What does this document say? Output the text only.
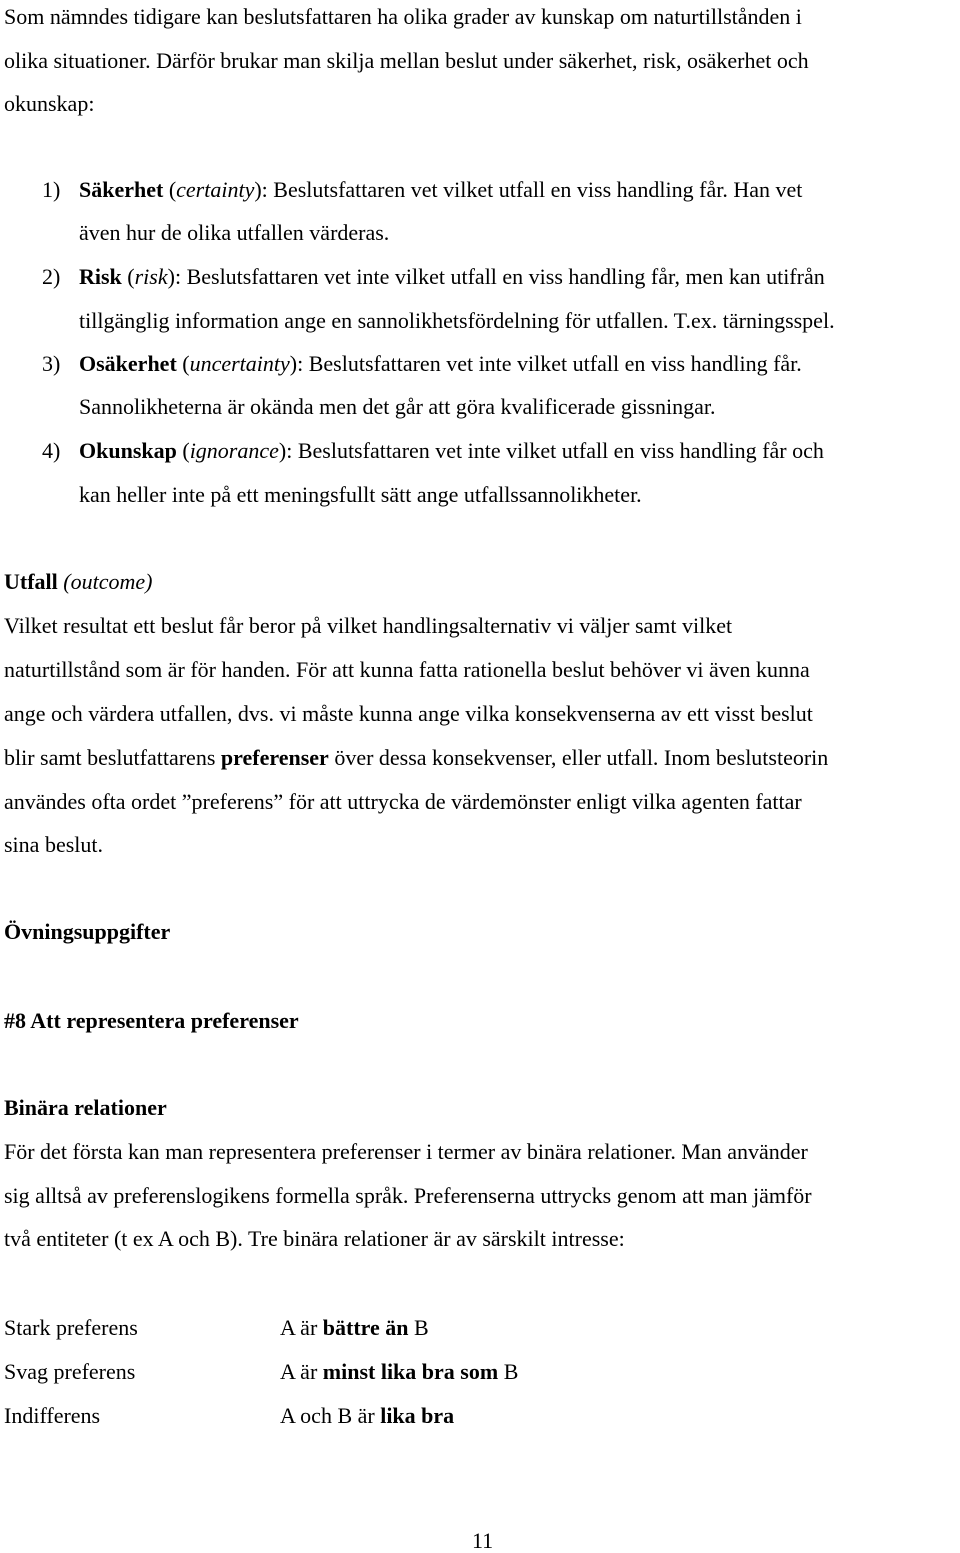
Som nämndes tidigare kan beslutsfattaren ha olika grader av kunskap om naturtillstånden i
olika situationer. Därför brukar man skilja mellan beslut under säkerhet, risk, osäkerhet och
okunskap:
1) Säkerhet (certainty): Beslutsfattaren vet vilket utfall en viss handling får. Han vet
även hur de olika utfallen värderas.
2) Risk (risk): Beslutsfattaren vet inte vilket utfall en viss handling får, men kan utifrån
tillgänglig information ange en sannolikhetsfördelning för utfallen. T.ex. tärningsspel.
3) Osäkerhet (uncertainty): Beslutsfattaren vet inte vilket utfall en viss handling får.
Sannolikheterna är okända men det går att göra kvalificerade gissningar.
4) Okunskap (ignorance): Beslutsfattaren vet inte vilket utfall en viss handling får och
kan heller inte på ett meningsfullt sätt ange utfallssannolikheter.
Utfall (outcome)
Vilket resultat ett beslut får beror på vilket handlingsalternativ vi väljer samt vilket
naturtillstånd som är för handen. För att kunna fatta rationella beslut behöver vi även kunna
ange och värdera utfallen, dvs. vi måste kunna ange vilka konsekvenserna av ett visst beslut
blir samt beslutfattarens preferenser över dessa konsekvenser, eller utfall. Inom beslutsteorin
användes ofta ordet ”preferens” för att uttrycka de värdemönster enligt vilka agenten fattar
sina beslut.
Övningsuppgifter
#8 Att representera preferenser
Binära relationer
För det första kan man representera preferenser i termer av binära relationer. Man använder
sig alltså av preferenslogikens formella språk. Preferenserna uttrycks genom att man jämför
två entiteter (t ex A och B). Tre binära relationer är av särskilt intresse:
Stark preferens	A är bättre än B
Svag preferens	A är minst lika bra som B
Indifferens	A och B är lika bra
11
